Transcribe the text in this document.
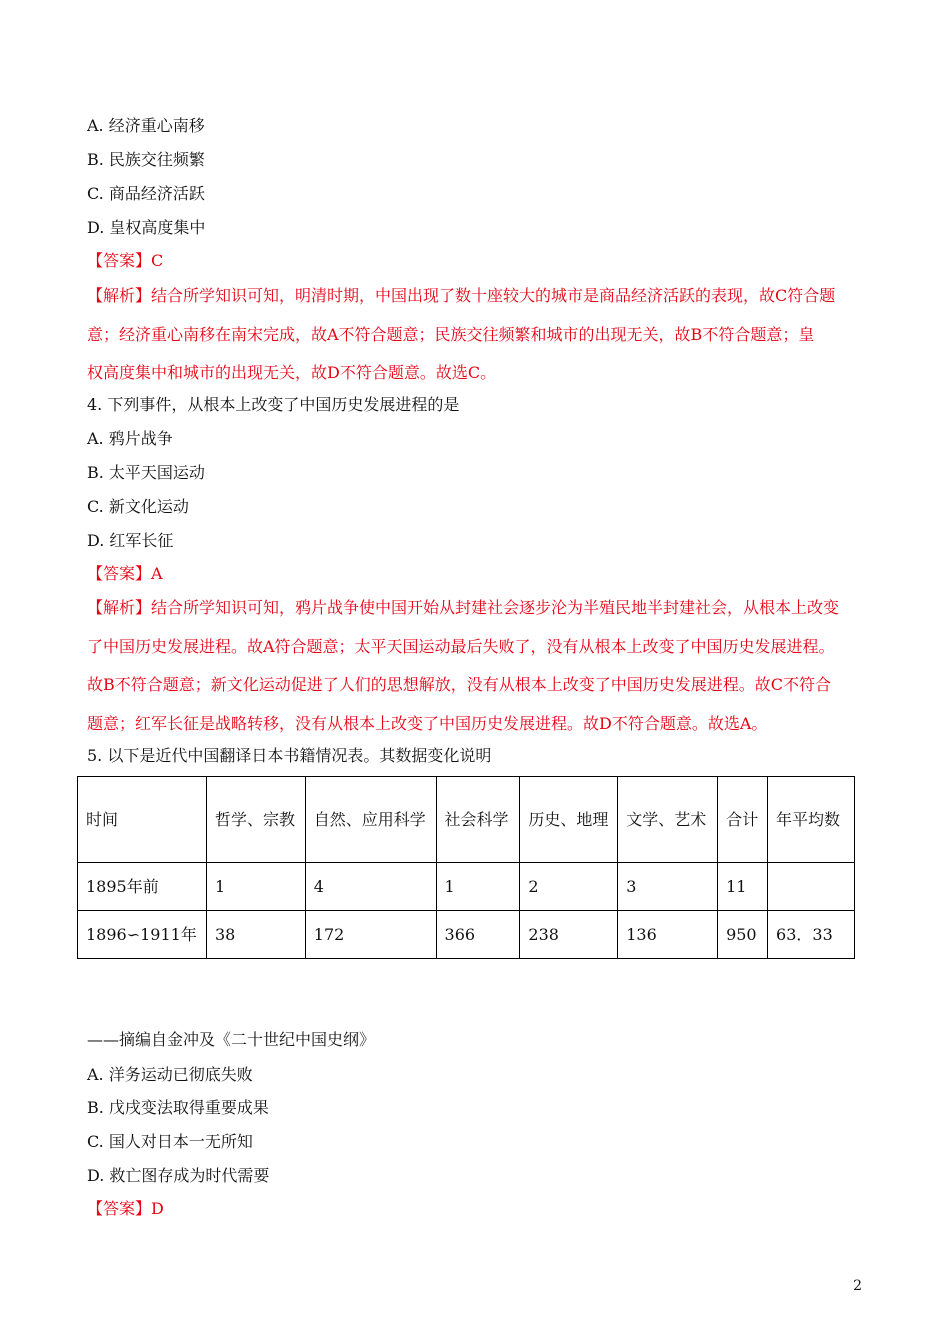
A. 经济重心南移
B. 民族交往频繁
C. 商品经济活跃
D. 皇权高度集中
【答案】C
【解析】结合所学知识可知，明清时期，中国出现了数十座较大的城市是商品经济活跃的表现，故C符合题
意；经济重心南移在南宋完成，故A不符合题意；民族交往频繁和城市的出现无关，故B不符合题意；皇
权高度集中和城市的出现无关，故D不符合题意。故选C。
4. 下列事件，从根本上改变了中国历史发展进程的是
A. 鸦片战争
B. 太平天国运动
C. 新文化运动
D. 红军长征
【答案】A
【解析】结合所学知识可知，鸦片战争使中国开始从封建社会逐步沦为半殖民地半封建社会，从根本上改变
了中国历史发展进程。故A符合题意；太平天国运动最后失败了，没有从根本上改变了中国历史发展进程。
故B不符合题意；新文化运动促进了人们的思想解放，没有从根本上改变了中国历史发展进程。故C不符合
题意；红军长征是战略转移，没有从根本上改变了中国历史发展进程。故D不符合题意。故选A。
5. 以下是近代中国翻译日本书籍情况表。其数据变化说明
时间	哲学、宗教	自然、应用科学	社会科学	历史、地理	文学、艺术	合计	年平均数
1895年前	1	4	1	2	3	11	
1896∽1911年	38	172	366	238	136	950	63．33
——摘编自金冲及《二十世纪中国史纲》
A. 洋务运动已彻底失败
B. 戊戌变法取得重要成果
C. 国人对日本一无所知
D. 救亡图存成为时代需要
【答案】D
2
